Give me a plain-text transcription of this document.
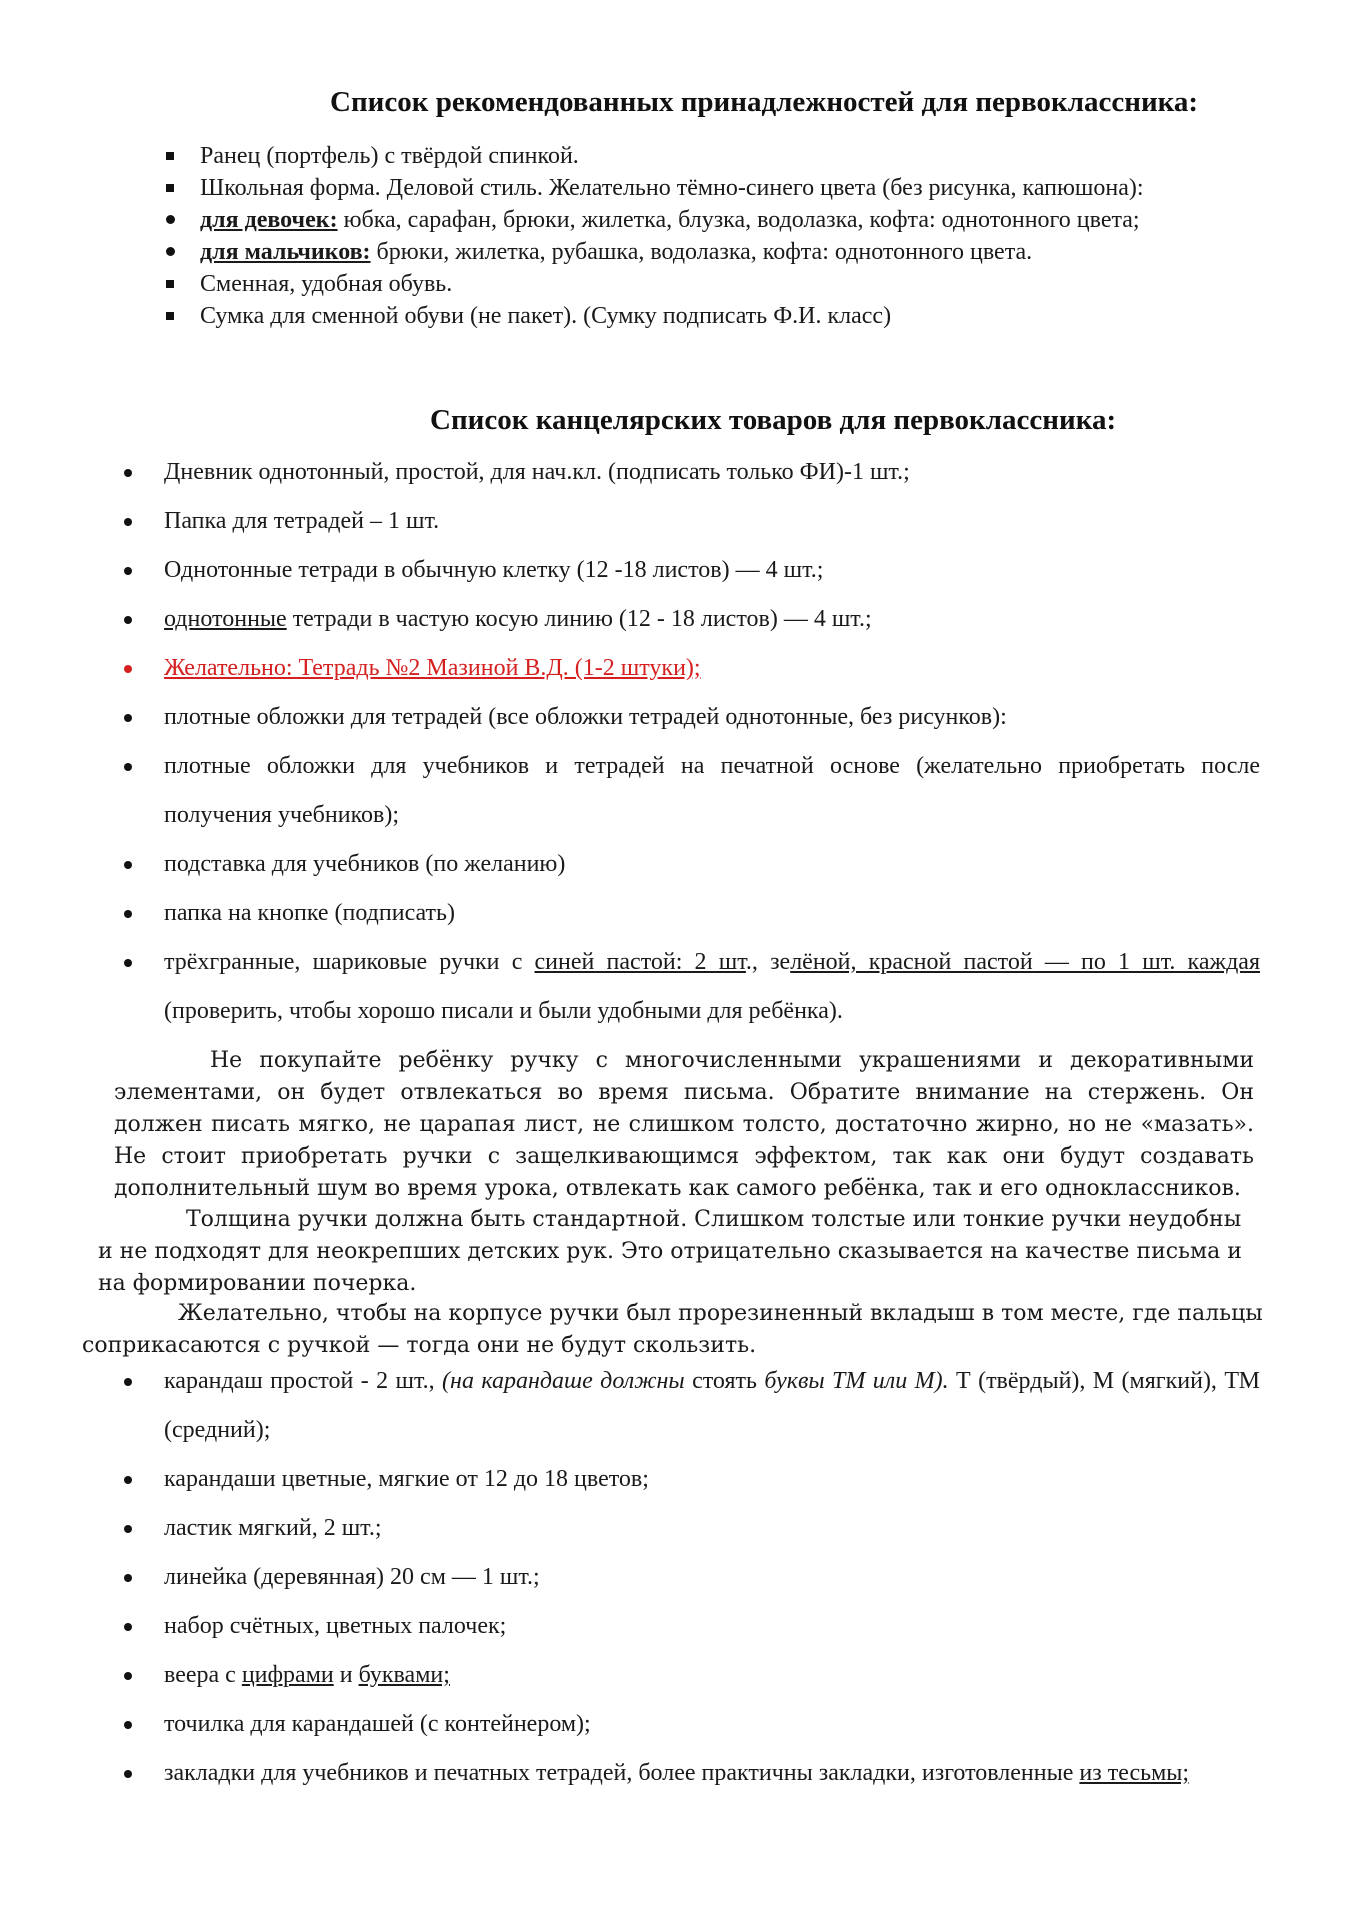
Список рекомендованных принадлежностей для первоклассника:
Ранец (портфель) с твёрдой спинкой.
Школьная форма. Деловой стиль. Желательно тёмно-синего цвета (без рисунка, капюшона):
для девочек: юбка, сарафан, брюки, жилетка, блузка, водолазка, кофта: однотонного цвета;
для мальчиков: брюки, жилетка, рубашка, водолазка, кофта: однотонного цвета.
Сменная, удобная обувь.
Сумка для сменной обуви (не пакет). (Сумку подписать Ф.И. класс)
Список канцелярских товаров для первоклассника:
Дневник однотонный, простой, для нач.кл. (подписать только ФИ)-1 шт.;
Папка для тетрадей – 1 шт.
Однотонные тетради в обычную клетку (12 -18 листов) — 4 шт.;
однотонные тетради в частую косую линию (12 - 18 листов) — 4 шт.;
Желательно: Тетрадь №2 Мазиной В.Д. (1-2 штуки);
плотные обложки для тетрадей (все обложки тетрадей однотонные, без рисунков):
плотные обложки для учебников и тетрадей на печатной основе (желательно приобретать после получения учебников);
подставка для учебников (по желанию)
папка на кнопке (подписать)
трёхгранные, шариковые ручки с синей пастой: 2 шт., зелёной, красной пастой — по 1 шт. каждая (проверить, чтобы хорошо писали и были удобными для ребёнка).
Не покупайте ребёнку ручку с многочисленными украшениями и декоративными элементами, он будет отвлекаться во время письма. Обратите внимание на стержень. Он должен писать мягко, не царапая лист, не слишком толсто, достаточно жирно, но не «мазать». Не стоит приобретать ручки с защелкивающимся эффектом, так как они будут создавать дополнительный шум во время урока, отвлекать как самого ребёнка, так и его одноклассников.
Толщина ручки должна быть стандартной. Слишком толстые или тонкие ручки неудобны и не подходят для неокрепших детских рук. Это отрицательно сказывается на качестве письма и на формировании почерка.
Желательно, чтобы на корпусе ручки был прорезиненный вкладыш в том месте, где пальцы соприкасаются с ручкой — тогда они не будут скользить.
карандаш простой - 2 шт., (на карандаше должны стоять буквы ТМ или М). Т (твёрдый), М (мягкий), ТМ (средний);
карандаши цветные, мягкие от 12 до 18 цветов;
ластик мягкий, 2 шт.;
линейка (деревянная) 20 см — 1 шт.;
набор счётных, цветных палочек;
веера с цифрами и буквами;
точилка для карандашей (с контейнером);
закладки для учебников и печатных тетрадей, более практичны закладки, изготовленные из тесьмы;
